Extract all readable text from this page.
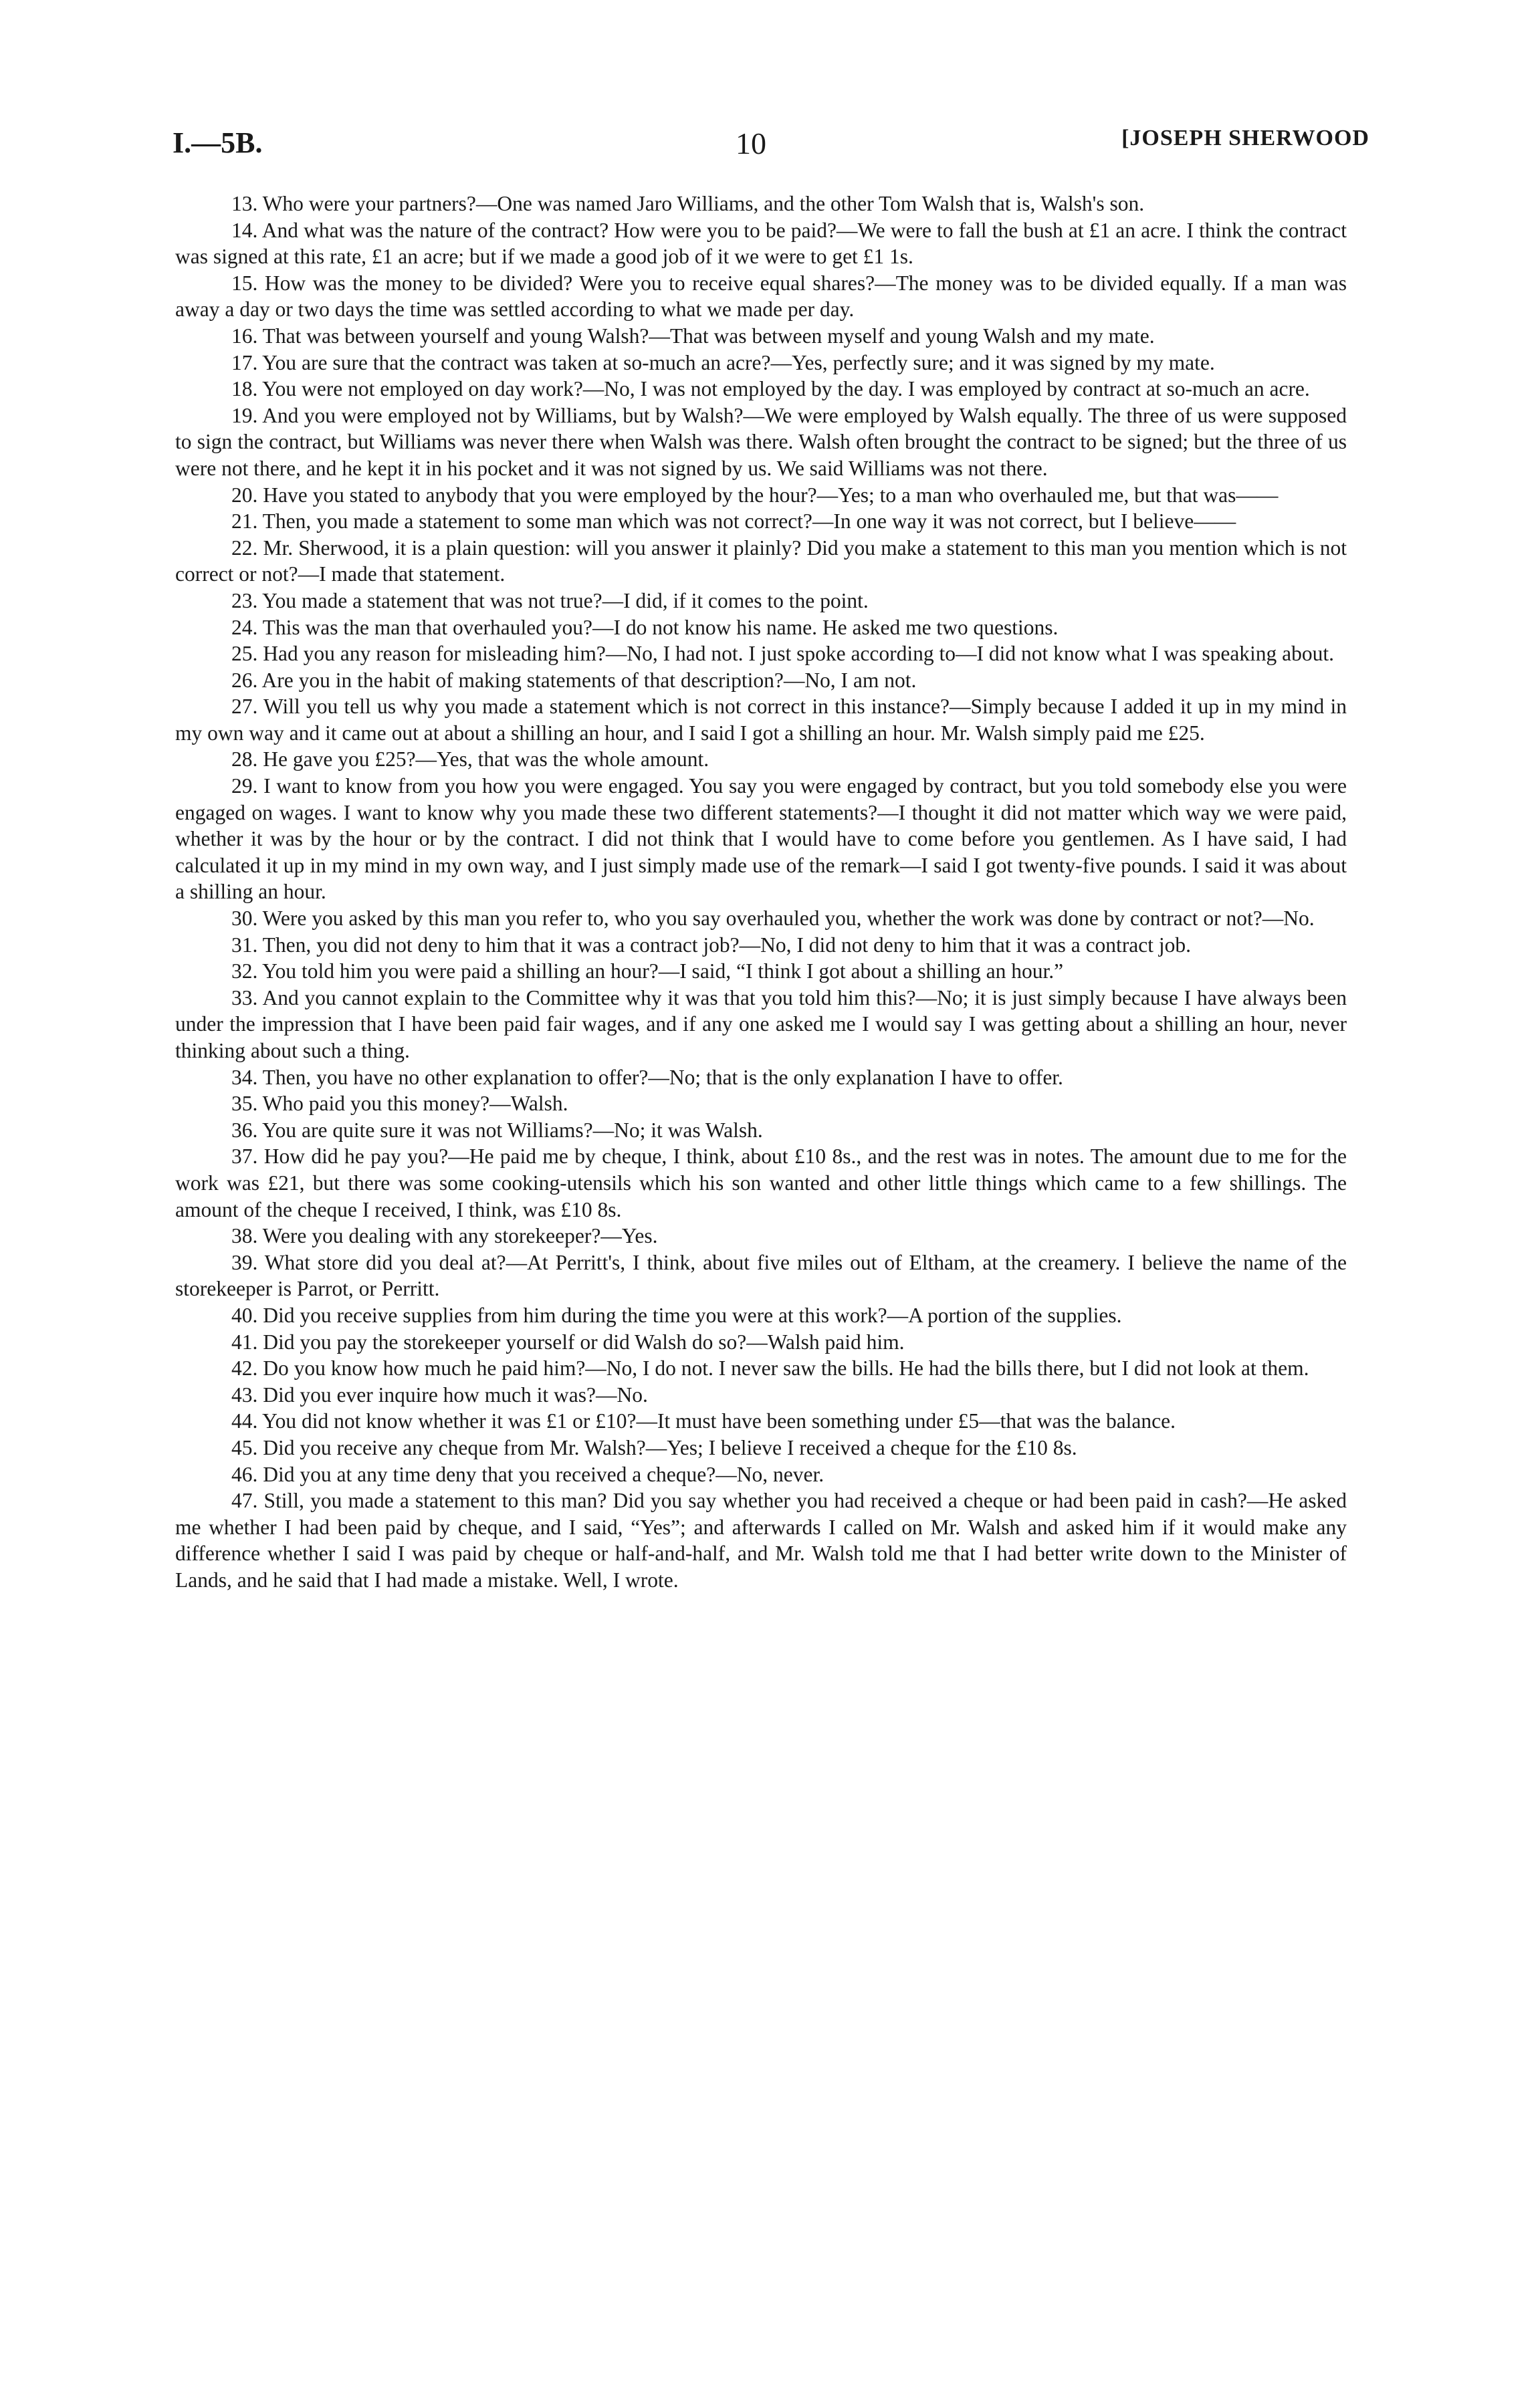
I.—5B.	10	[JOSEPH SHERWOOD

13. Who were your partners?—One was named Jaro Williams, and the other Tom Walsh that is, Walsh's son.

14. And what was the nature of the contract? How were you to be paid?—We were to fall the bush at £1 an acre. I think the contract was signed at this rate, £1 an acre; but if we made a good job of it we were to get £1 1s.

15. How was the money to be divided? Were you to receive equal shares?—The money was to be divided equally. If a man was away a day or two days the time was settled according to what we made per day.

16. That was between yourself and young Walsh?—That was between myself and young Walsh and my mate.

17. You are sure that the contract was taken at so-much an acre?—Yes, perfectly sure; and it was signed by my mate.

18. You were not employed on day work?—No, I was not employed by the day. I was employed by contract at so-much an acre.

19. And you were employed not by Williams, but by Walsh?—We were employed by Walsh equally. The three of us were supposed to sign the contract, but Williams was never there when Walsh was there. Walsh often brought the contract to be signed; but the three of us were not there, and he kept it in his pocket and it was not signed by us. We said Williams was not there.

20. Have you stated to anybody that you were employed by the hour?—Yes; to a man who overhauled me, but that was——

21. Then, you made a statement to some man which was not correct?—In one way it was not correct, but I believe——

22. Mr. Sherwood, it is a plain question: will you answer it plainly? Did you make a statement to this man you mention which is not correct or not?—I made that statement.

23. You made a statement that was not true?—I did, if it comes to the point.

24. This was the man that overhauled you?—I do not know his name. He asked me two questions.

25. Had you any reason for misleading him?—No, I had not. I just spoke according to—I did not know what I was speaking about.

26. Are you in the habit of making statements of that description?—No, I am not.

27. Will you tell us why you made a statement which is not correct in this instance?—Simply because I added it up in my mind in my own way and it came out at about a shilling an hour, and I said I got a shilling an hour. Mr. Walsh simply paid me £25.

28. He gave you £25?—Yes, that was the whole amount.

29. I want to know from you how you were engaged. You say you were engaged by contract, but you told somebody else you were engaged on wages. I want to know why you made these two different statements?—I thought it did not matter which way we were paid, whether it was by the hour or by the contract. I did not think that I would have to come before you gentlemen. As I have said, I had calculated it up in my mind in my own way, and I just simply made use of the remark—I said I got twenty-five pounds. I said it was about a shilling an hour.

30. Were you asked by this man you refer to, who you say overhauled you, whether the work was done by contract or not?—No.

31. Then, you did not deny to him that it was a contract job?—No, I did not deny to him that it was a contract job.

32. You told him you were paid a shilling an hour?—I said, “I think I got about a shilling an hour.”

33. And you cannot explain to the Committee why it was that you told him this?—No; it is just simply because I have always been under the impression that I have been paid fair wages, and if any one asked me I would say I was getting about a shilling an hour, never thinking about such a thing.

34. Then, you have no other explanation to offer?—No; that is the only explanation I have to offer.

35. Who paid you this money?—Walsh.

36. You are quite sure it was not Williams?—No; it was Walsh.

37. How did he pay you?—He paid me by cheque, I think, about £10 8s., and the rest was in notes. The amount due to me for the work was £21, but there was some cooking-utensils which his son wanted and other little things which came to a few shillings. The amount of the cheque I received, I think, was £10 8s.

38. Were you dealing with any storekeeper?—Yes.

39. What store did you deal at?—At Perritt's, I think, about five miles out of Eltham, at the creamery. I believe the name of the storekeeper is Parrot, or Perritt.

40. Did you receive supplies from him during the time you were at this work?—A portion of the supplies.

41. Did you pay the storekeeper yourself or did Walsh do so?—Walsh paid him.

42. Do you know how much he paid him?—No, I do not. I never saw the bills. He had the bills there, but I did not look at them.

43. Did you ever inquire how much it was?—No.

44. You did not know whether it was £1 or £10?—It must have been something under £5—that was the balance.

45. Did you receive any cheque from Mr. Walsh?—Yes; I believe I received a cheque for the £10 8s.

46. Did you at any time deny that you received a cheque?—No, never.

47. Still, you made a statement to this man? Did you say whether you had received a cheque or had been paid in cash?—He asked me whether I had been paid by cheque, and I said, “Yes”; and afterwards I called on Mr. Walsh and asked him if it would make any difference whether I said I was paid by cheque or half-and-half, and Mr. Walsh told me that I had better write down to the Minister of Lands, and he said that I had made a mistake. Well, I wrote.
